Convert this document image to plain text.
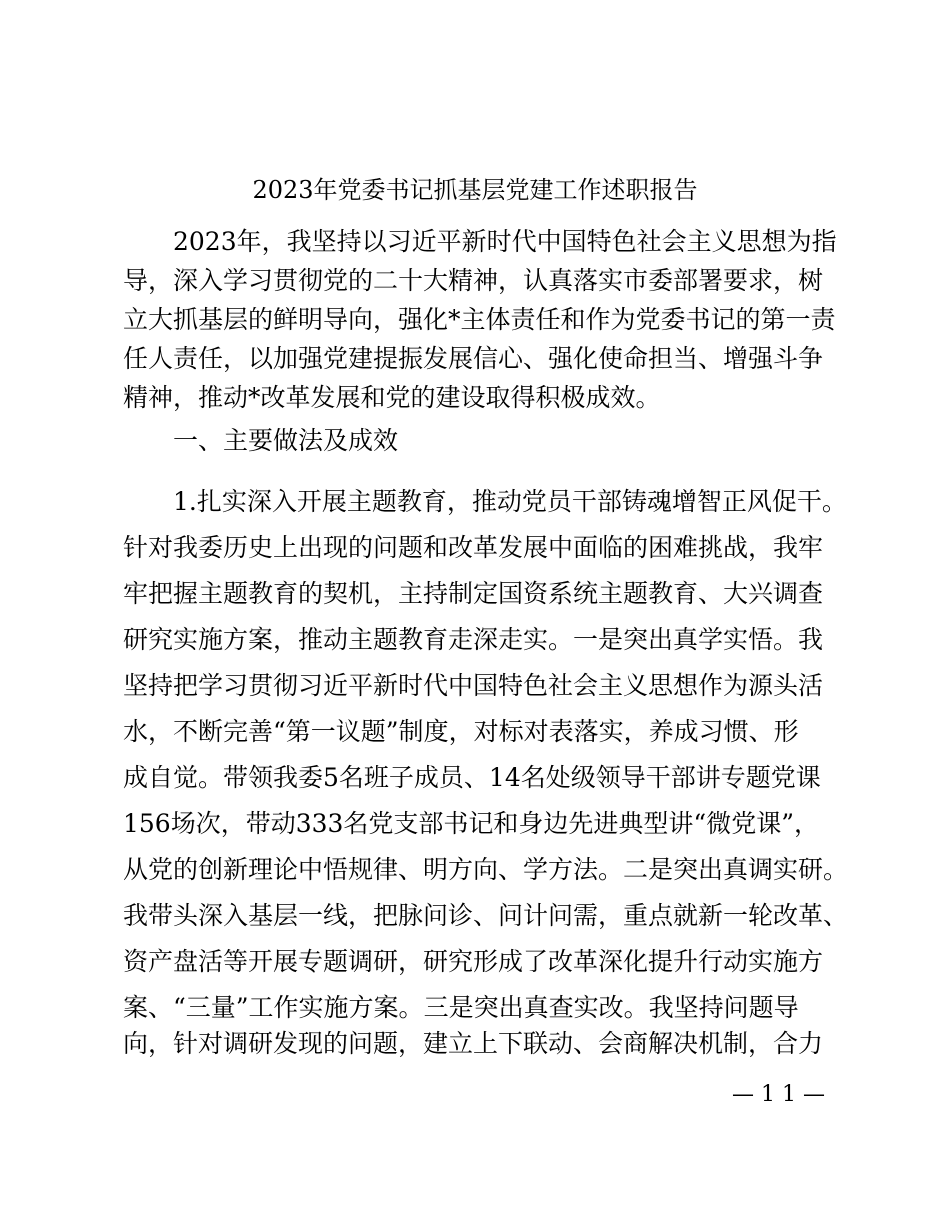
2023年党委书记抓基层党建工作述职报告
2023年，我坚持以习近平新时代中国特色社会主义思想为指
导，深入学习贯彻党的二十大精神，认真落实市委部署要求，树
立大抓基层的鲜明导向，强化*主体责任和作为党委书记的第一责
任人责任，以加强党建提振发展信心、强化使命担当、增强斗争
精神，推动*改革发展和党的建设取得积极成效。
一、主要做法及成效
1.扎实深入开展主题教育，推动党员干部铸魂增智正风促干。
针对我委历史上出现的问题和改革发展中面临的困难挑战，我牢
牢把握主题教育的契机，主持制定国资系统主题教育、大兴调查
研究实施方案，推动主题教育走深走实。一是突出真学实悟。我
坚持把学习贯彻习近平新时代中国特色社会主义思想作为源头活
水，不断完善“第一议题”制度，对标对表落实，养成习惯、形
成自觉。带领我委5名班子成员、14名处级领导干部讲专题党课
156场次，带动333名党支部书记和身边先进典型讲“微党课”，
从党的创新理论中悟规律、明方向、学方法。二是突出真调实研。
我带头深入基层一线，把脉问诊、问计问需，重点就新一轮改革、
资产盘活等开展专题调研，研究形成了改革深化提升行动实施方
案、“三量”工作实施方案。三是突出真查实改。我坚持问题导
向，针对调研发现的问题，建立上下联动、会商解决机制，合力
— 1 1 —
